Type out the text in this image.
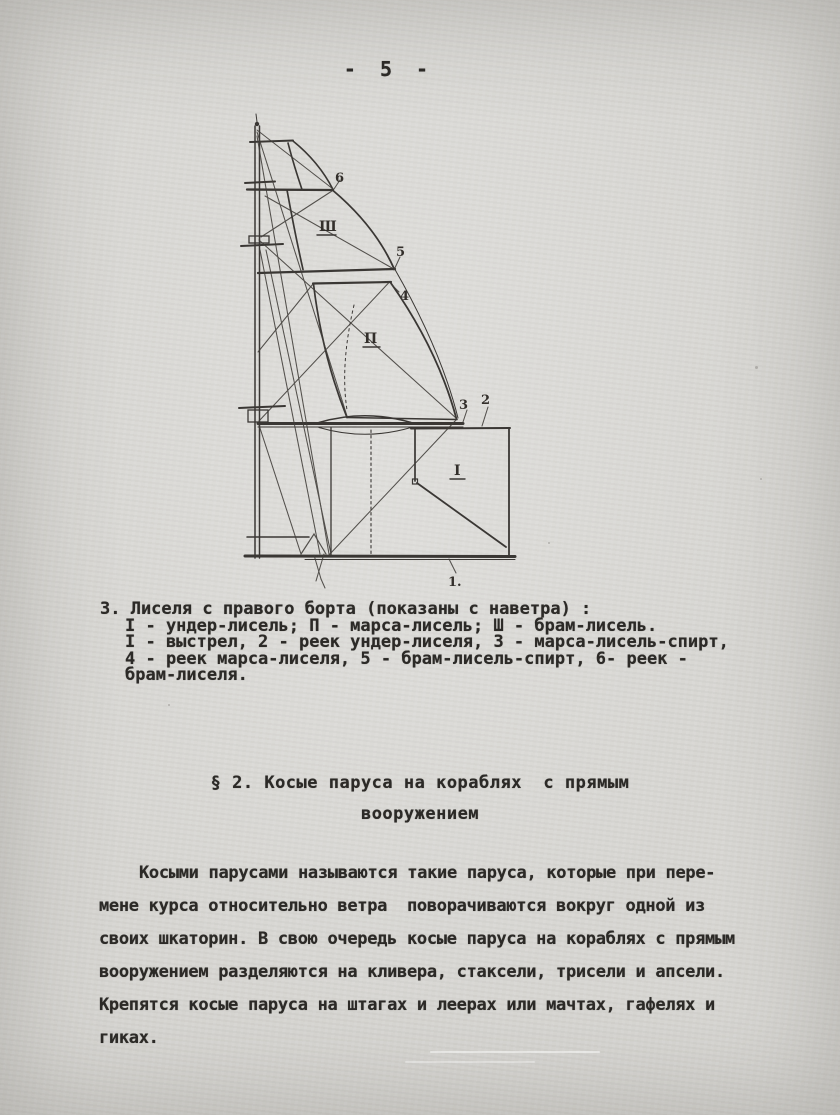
- 5 -
6
5
4
3 2
1.
Ш
П
I
3. Лиселя с правого борта (показаны с наветра) :
I - ундер-лисель; П - марса-лисель; Ш - брам-лисель.
I - выстрел, 2 - реек ундер-лиселя, 3 - марса-лисель-спирт,
4 - реек марса-лиселя, 5 - брам-лисель-спирт, 6- реек -
брам-лиселя.
§ 2. Косые паруса на кораблях  с прямым
вооружением
Косыми парусами называются такие паруса, которые при пере-
мене курса относительно ветра  поворачиваются вокруг одной из
своих шкаторин. В свою очередь косые паруса на кораблях с прямым
вооружением разделяются на кливера, стаксели, трисели и апсели.
Крепятся косые паруса на штагах и леерах или мачтах, гафелях и
гиках.
